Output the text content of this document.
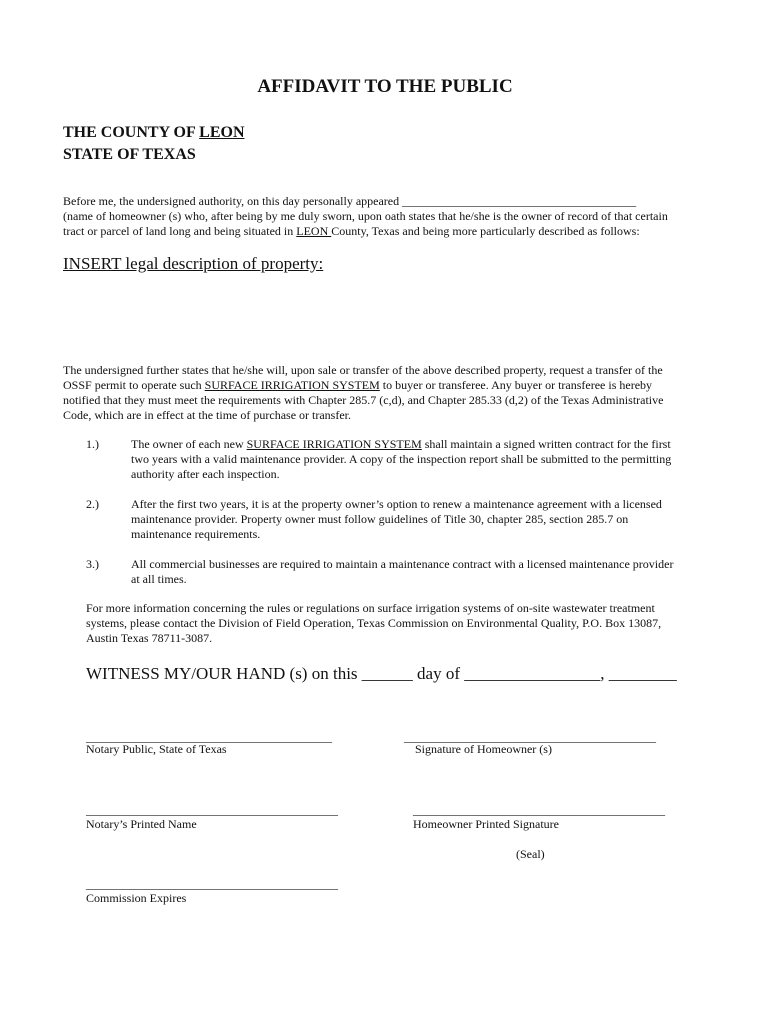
AFFIDAVIT TO THE PUBLIC
THE COUNTY OF LEON
STATE OF TEXAS
Before me, the undersigned authority, on this day personally appeared _______________________________________
(name of homeowner (s) who, after being by me duly sworn, upon oath states that he/she is the owner of record of that certain
tract or parcel of land long and being situated in LEON County, Texas and being more particularly described as follows:
INSERT legal description of property:
The undersigned further states that he/she will, upon sale or transfer of the above described property, request a transfer of the
OSSF permit to operate such SURFACE IRRIGATION SYSTEM to buyer or transferee. Any buyer or transferee is hereby
notified that they must meet the requirements with Chapter 285.7 (c,d), and Chapter 285.33 (d,2) of the Texas Administrative
Code, which are in effect at the time of purchase or transfer.
1.)	The owner of each new SURFACE IRRIGATION SYSTEM shall maintain a signed written contract for the first
two years with a valid maintenance provider. A copy of the inspection report shall be submitted to the permitting
authority after each inspection.
2.)	After the first two years, it is at the property owner’s option to renew a maintenance agreement with a licensed
maintenance provider. Property owner must follow guidelines of Title 30, chapter 285, section 285.7 on
maintenance requirements.
3.)	All commercial businesses are required to maintain a maintenance contract with a licensed maintenance provider
at all times.
For more information concerning the rules or regulations on surface irrigation systems of on-site wastewater treatment
systems, please contact the Division of Field Operation, Texas Commission on Environmental Quality, P.O. Box 13087,
Austin Texas 78711-3087.
WITNESS MY/OUR HAND (s) on this ______ day of ________________, ________
_________________________________________	__________________________________________
Notary Public, State of Texas	Signature of Homeowner (s)
__________________________________________	__________________________________________
Notary’s Printed Name	Homeowner Printed Signature
(Seal)
__________________________________________
Commission Expires
